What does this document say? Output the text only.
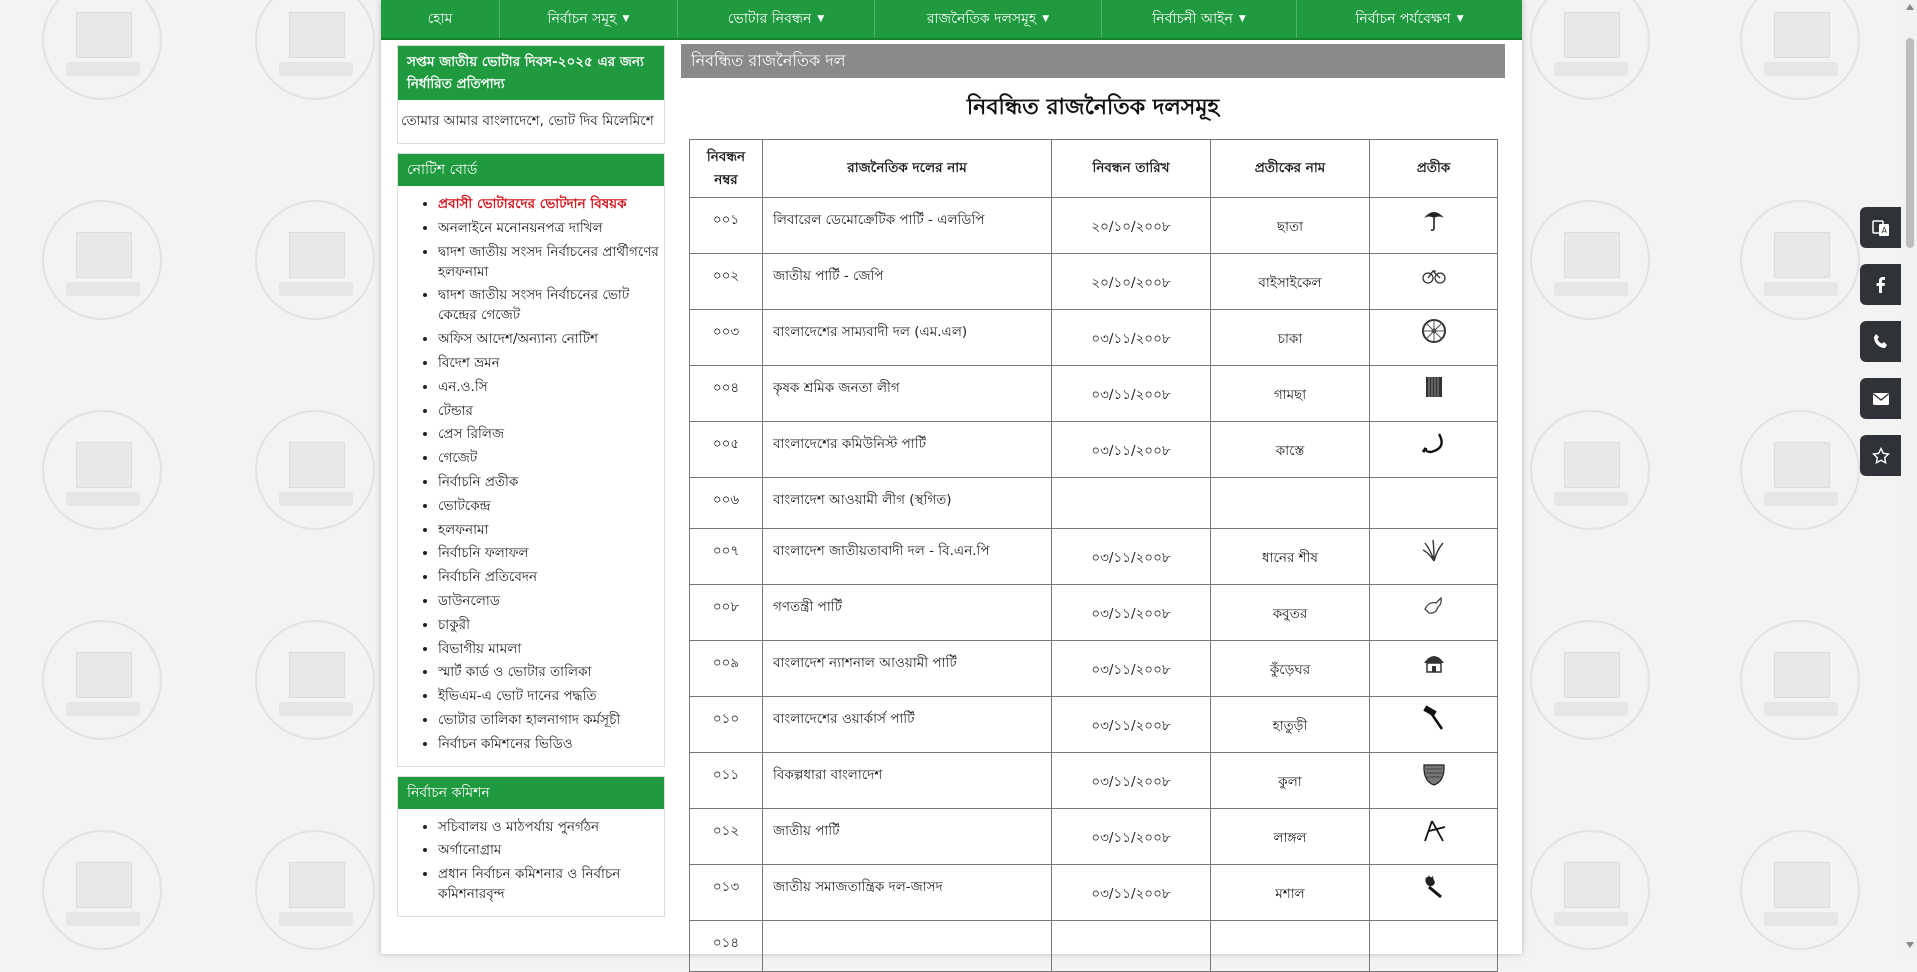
হোম	নির্বাচন সমূহ ▼	ভোটার নিবন্ধন ▼	রাজনৈতিক দলসমূহ ▼	নির্বাচনী আইন ▼	নির্বাচন পর্যবেক্ষণ ▼
সপ্তম জাতীয় ভোটার দিবস-২০২৫ এর জন্য নির্ধারিত প্রতিপাদ্য
তোমার আমার বাংলাদেশে, ভোট দিব মিলেমিশে
নোটিশ বোর্ড
• প্রবাসী ভোটারদের ভোটদান বিষয়ক
• অনলাইনে মনোনয়নপত্র দাখিল
• দ্বাদশ জাতীয় সংসদ নির্বাচনের প্রার্থীগণের হলফনামা
• দ্বাদশ জাতীয় সংসদ নির্বাচনের ভোট কেন্দ্রের গেজেট
• অফিস আদেশ/অন্যান্য নোটিশ
• বিদেশ ভ্রমন
• এন.ও.সি
• টেন্ডার
• প্রেস রিলিজ
• গেজেট
• নির্বাচনি প্রতীক
• ভোটকেন্দ্র
• হলফনামা
• নির্বাচনি ফলাফল
• নির্বাচনি প্রতিবেদন
• ডাউনলোড
• চাকুরী
• বিভাগীয় মামলা
• স্মার্ট কার্ড ও ভোটার তালিকা
• ইভিএম-এ ভোট দানের পদ্ধতি
• ভোটার তালিকা হালনাগাদ কর্মসূচী
• নির্বাচন কমিশনের ভিডিও
নির্বাচন কমিশন
• সচিবালয় ও মাঠপর্যায় পুনর্গঠন
• অর্গানোগ্রাম
• প্রধান নির্বাচন কমিশনার ও নির্বাচন কমিশনারবৃন্দ
নিবন্ধিত রাজনৈতিক দল
নিবন্ধিত রাজনৈতিক দলসমূহ
নিবন্ধন নম্বর	রাজনৈতিক দলের নাম	নিবন্ধন তারিখ	প্রতীকের নাম	প্রতীক
০০১	লিবারেল ডেমোক্রেটিক পার্টি - এলডিপি	২০/১০/২০০৮	ছাতা	
০০২	জাতীয় পার্টি - জেপি	২০/১০/২০০৮	বাইসাইকেল	
০০৩	বাংলাদেশের সাম্যবাদী দল (এম.এল)	০৩/১১/২০০৮	চাকা	
০০৪	কৃষক শ্রমিক জনতা লীগ	০৩/১১/২০০৮	গামছা	
০০৫	বাংলাদেশের কমিউনিস্ট পার্টি	০৩/১১/২০০৮	কাস্তে	
০০৬	বাংলাদেশ আওয়ামী লীগ (স্থগিত)			
০০৭	বাংলাদেশ জাতীয়তাবাদী দল - বি.এন.পি	০৩/১১/২০০৮	ধানের শীষ	
০০৮	গণতন্ত্রী পার্টি	০৩/১১/২০০৮	কবুতর	
০০৯	বাংলাদেশ ন্যাশনাল আওয়ামী পার্টি	০৩/১১/২০০৮	কুঁড়েঘর	
০১০	বাংলাদেশের ওয়ার্কার্স পার্টি	০৩/১১/২০০৮	হাতুড়ী	
০১১	বিকল্পধারা বাংলাদেশ	০৩/১১/২০০৮	কুলা	
০১২	জাতীয় পার্টি	০৩/১১/২০০৮	লাঙ্গল	
০১৩	জাতীয় সমাজতান্ত্রিক দল-জাসদ	০৩/১১/২০০৮	মশাল	
০১৪				
A
